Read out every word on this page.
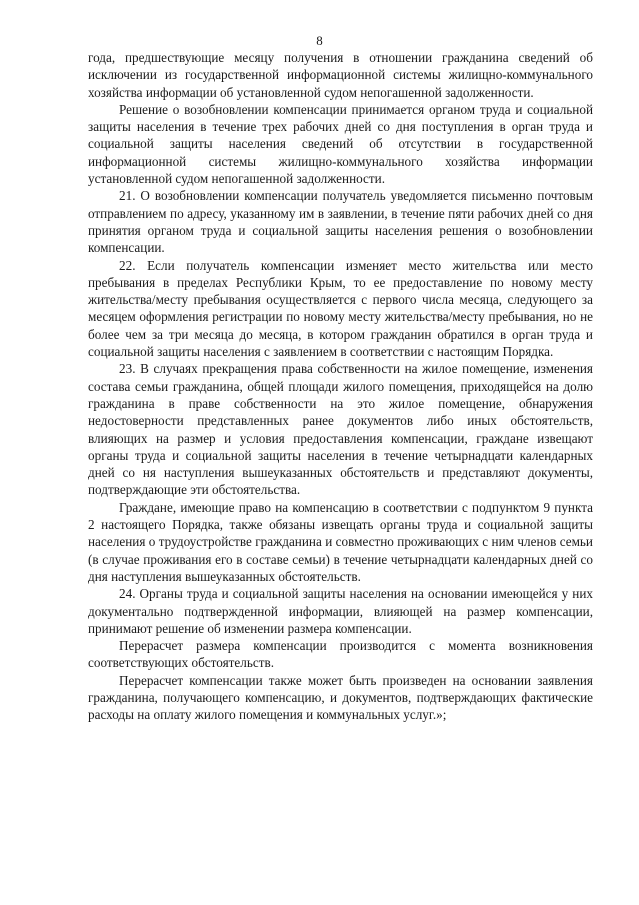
8

года, предшествующие месяцу получения в отношении гражданина сведений об исключении из государственной информационной системы жилищно-коммунального хозяйства информации об установленной судом непогашенной задолженности.

Решение о возобновлении компенсации принимается органом труда и социальной защиты населения в течение трех рабочих дней со дня поступления в орган труда и социальной защиты населения сведений об отсутствии в государственной информационной системы жилищно-коммунального хозяйства информации установленной судом непогашенной задолженности.

21. О возобновлении компенсации получатель уведомляется письменно почтовым отправлением по адресу, указанному им в заявлении, в течение пяти рабочих дней со дня принятия органом труда и социальной защиты населения решения о возобновлении компенсации.

22. Если получатель компенсации изменяет место жительства или место пребывания в пределах Республики Крым, то ее предоставление по новому месту жительства/месту пребывания осуществляется с первого числа месяца, следующего за месяцем оформления регистрации по новому месту жительства/месту пребывания, но не более чем за три месяца до месяца, в котором гражданин обратился в орган труда и социальной защиты населения с заявлением в соответствии с настоящим Порядка.

23. В случаях прекращения права собственности на жилое помещение, изменения состава семьи гражданина, общей площади жилого помещения, приходящейся на долю гражданина в праве собственности на это жилое помещение, обнаружения недостоверности представленных ранее документов либо иных обстоятельств, влияющих на размер и условия предоставления компенсации, граждане извещают органы труда и социальной защиты населения в течение четырнадцати календарных дней со ня наступления вышеуказанных обстоятельств и представляют документы, подтверждающие эти обстоятельства.

Граждане, имеющие право на компенсацию в соответствии с подпунктом 9 пункта 2 настоящего Порядка, также обязаны извещать органы труда и социальной защиты населения о трудоустройстве гражданина и совместно проживающих с ним членов семьи (в случае проживания его в составе семьи) в течение четырнадцати календарных дней со дня наступления вышеуказанных обстоятельств.

24. Органы труда и социальной защиты населения на основании имеющейся у них документально подтвержденной информации, влияющей на размер компенсации, принимают решение об изменении размера компенсации.

Перерасчет размера компенсации производится с момента возникновения соответствующих обстоятельств.

Перерасчет компенсации также может быть произведен на основании заявления гражданина, получающего компенсацию, и документов, подтверждающих фактические расходы на оплату жилого помещения и коммунальных услуг.»;
